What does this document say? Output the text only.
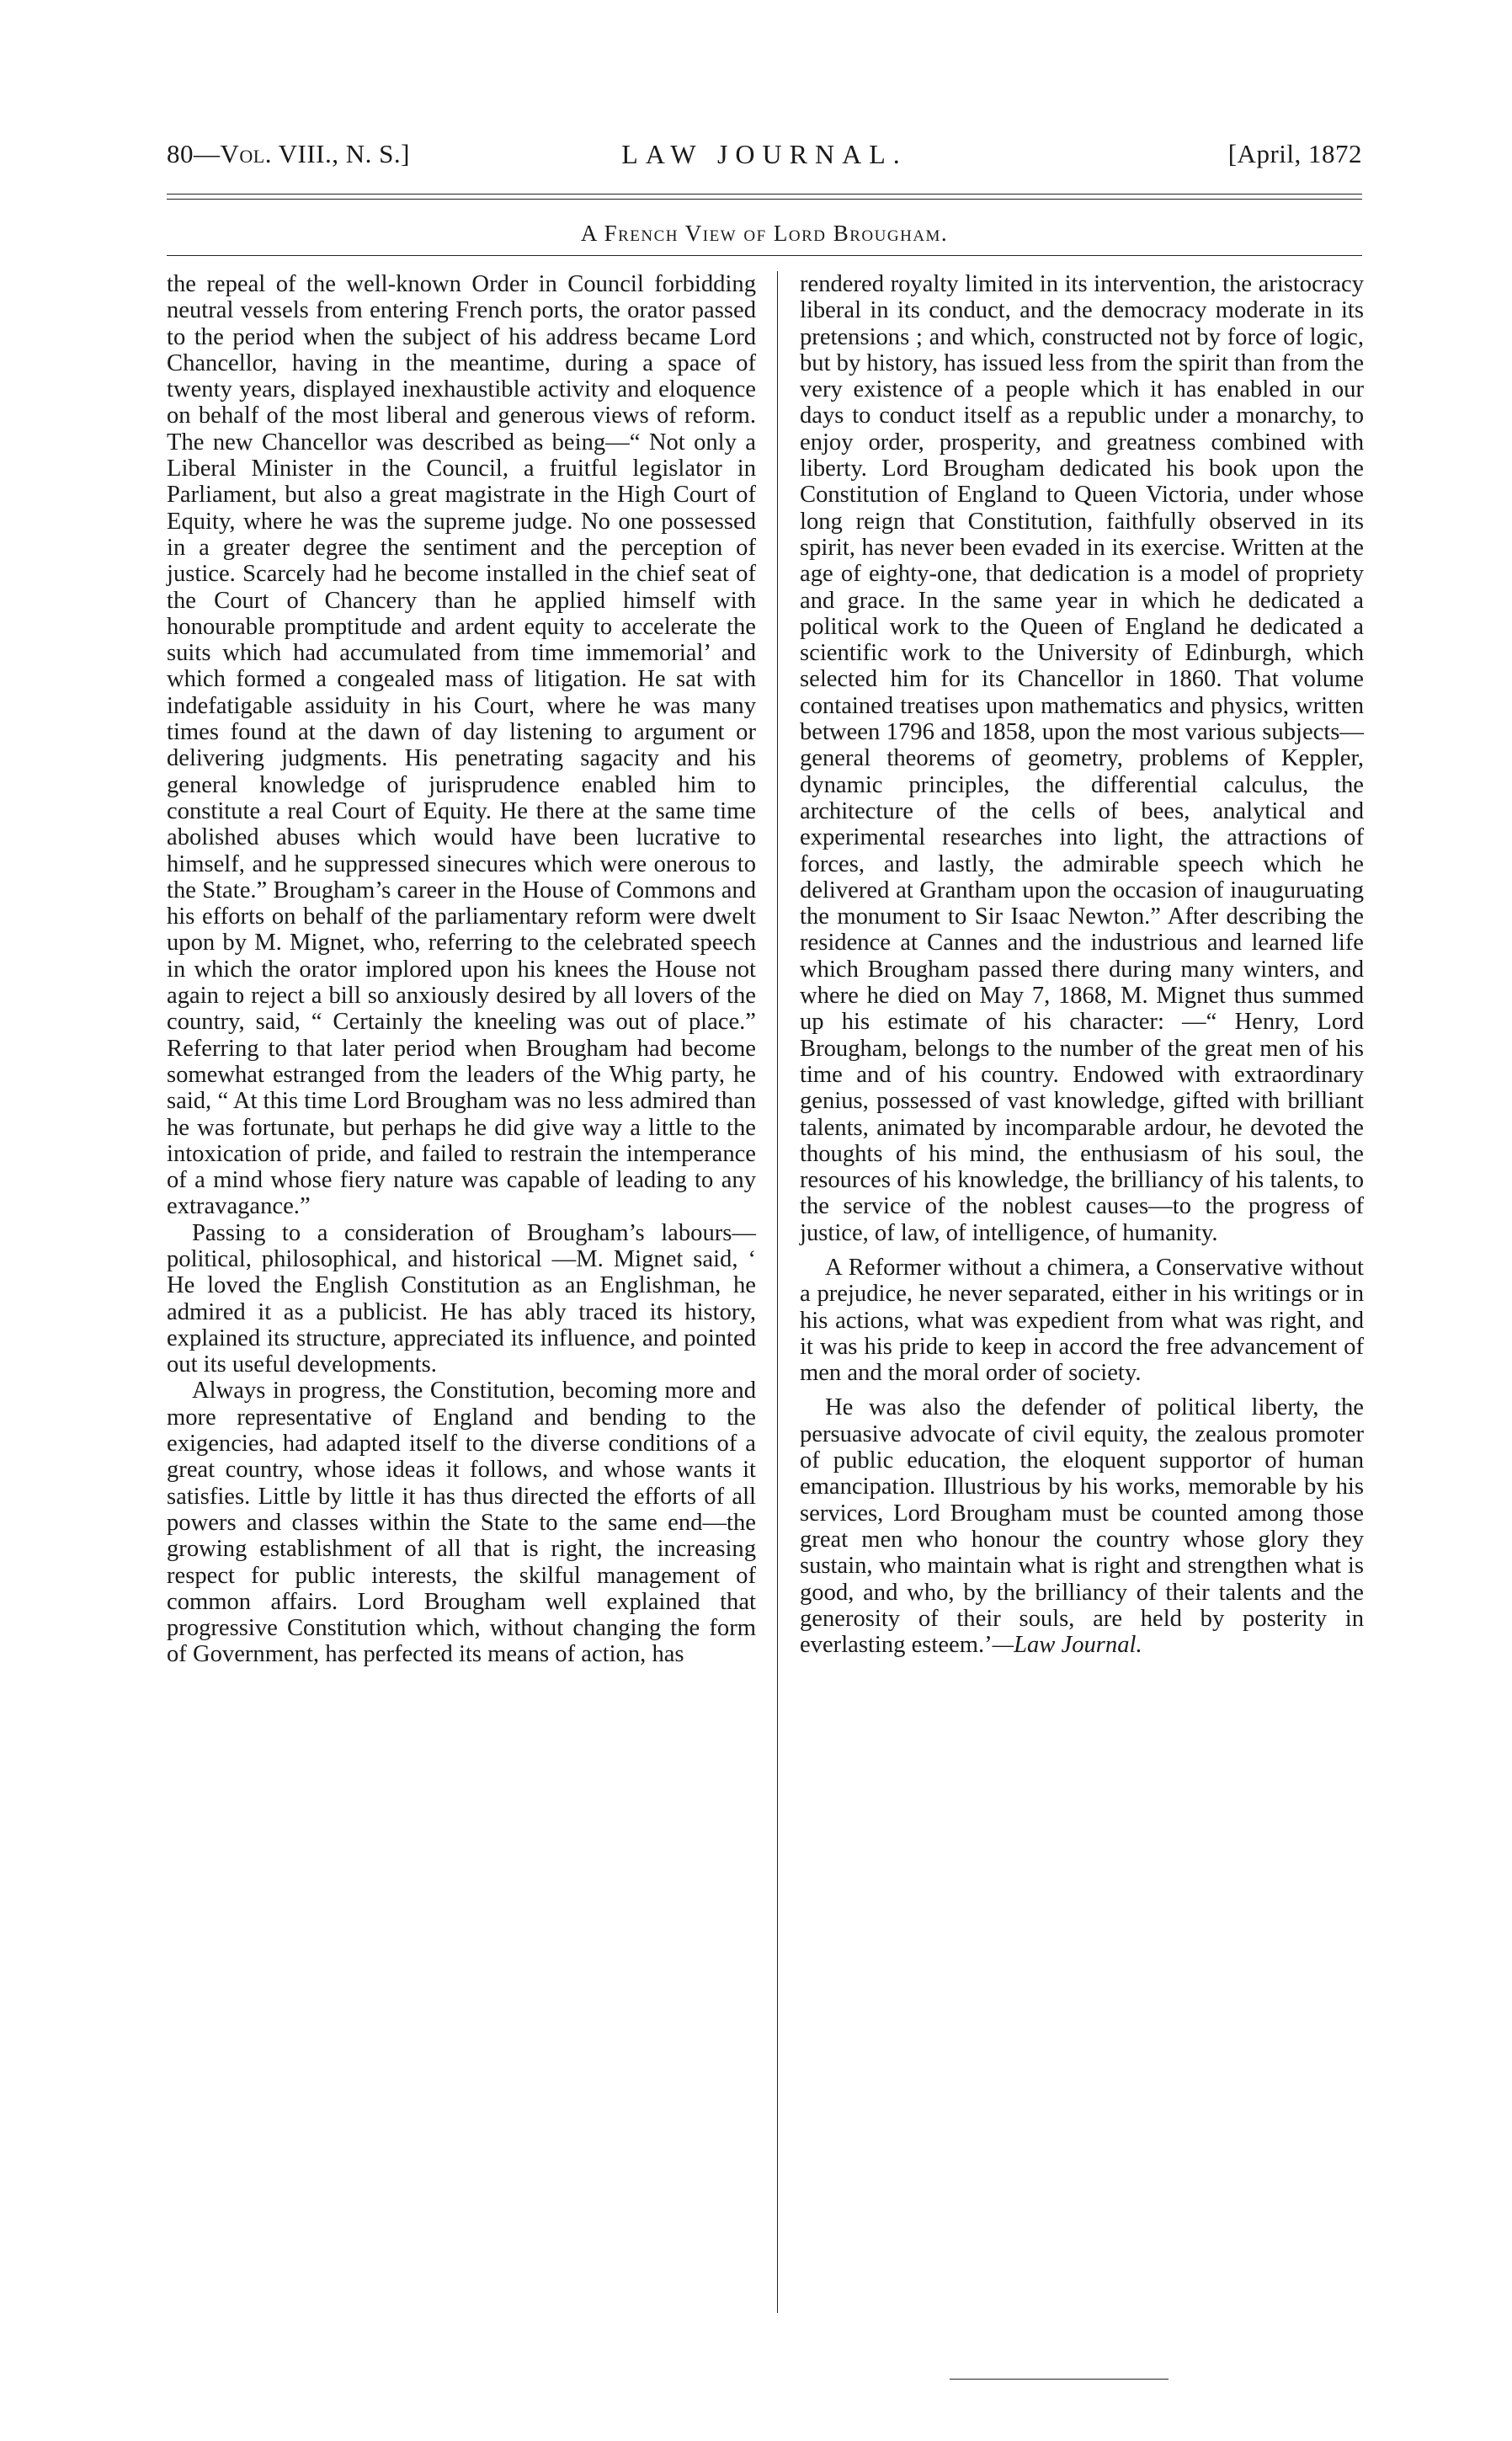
80—Vol. VIII., N. S.]	LAW JOURNAL.	[April, 1872
A French View of Lord Brougham.

the repeal of the well-known Order in Council forbidding neutral vessels from entering French ports, the orator passed to the period when the subject of his address became Lord Chancellor, having in the meantime, during a space of twenty years, displayed inexhaustible activity and eloquence on behalf of the most liberal and generous views of reform. The new Chancellor was described as being—“ Not only a Liberal Minister in the Council, a fruitful legislator in Parliament, but also a great magistrate in the High Court of Equity, where he was the supreme judge. No one possessed in a greater degree the sentiment and the perception of justice. Scarcely had he become installed in the chief seat of the Court of Chancery than he applied himself with honourable promptitude and ardent equity to accelerate the suits which had accumulated from time immemorial’ and which formed a congealed mass of litigation. He sat with indefatigable assiduity in his Court, where he was many times found at the dawn of day listening to argument or delivering judgments. His penetrating sagacity and his general knowledge of jurisprudence enabled him to constitute a real Court of Equity. He there at the same time abolished abuses which would have been lucrative to himself, and he suppressed sinecures which were onerous to the State.” Brougham’s career in the House of Commons and his efforts on behalf of the parliamentary reform were dwelt upon by M. Mignet, who, referring to the celebrated speech in which the orator implored upon his knees the House not again to reject a bill so anxiously desired by all lovers of the country, said, “ Certainly the kneeling was out of place.” Referring to that later period when Brougham had become somewhat estranged from the leaders of the Whig party, he said, “ At this time Lord Brougham was no less admired than he was fortunate, but perhaps he did give way a little to the intoxication of pride, and failed to restrain the intemperance of a mind whose fiery nature was capable of leading to any extravagance.”

Passing to a consideration of Brougham’s labours—political, philosophical, and historical —M. Mignet said, ‘ He loved the English Constitution as an Englishman, he admired it as a publicist. He has ably traced its history, explained its structure, appreciated its influence, and pointed out its useful developments.

Always in progress, the Constitution, becoming more and more representative of England and bending to the exigencies, had adapted itself to the diverse conditions of a great country, whose ideas it follows, and whose wants it satisfies. Little by little it has thus directed the efforts of all powers and classes within the State to the same end—the growing establishment of all that is right, the increasing respect for public interests, the skilful management of common affairs. Lord Brougham well explained that progressive Constitution which, without changing the form of Government, has perfected its means of action, has

rendered royalty limited in its intervention, the aristocracy liberal in its conduct, and the democracy moderate in its pretensions ; and which, constructed not by force of logic, but by history, has issued less from the spirit than from the very existence of a people which it has enabled in our days to conduct itself as a republic under a monarchy, to enjoy order, prosperity, and greatness combined with liberty. Lord Brougham dedicated his book upon the Constitution of England to Queen Victoria, under whose long reign that Constitution, faithfully observed in its spirit, has never been evaded in its exercise. Written at the age of eighty-one, that dedication is a model of propriety and grace. In the same year in which he dedicated a political work to the Queen of England he dedicated a scientific work to the University of Edinburgh, which selected him for its Chancellor in 1860. That volume contained treatises upon mathematics and physics, written between 1796 and 1858, upon the most various subjects—general theorems of geometry, problems of Keppler, dynamic principles, the differential calculus, the architecture of the cells of bees, analytical and experimental researches into light, the attractions of forces, and lastly, the admirable speech which he delivered at Grantham upon the occasion of inauguruating the monument to Sir Isaac Newton.” After describing the residence at Cannes and the industrious and learned life which Brougham passed there during many winters, and where he died on May 7, 1868, M. Mignet thus summed up his estimate of his character: —“ Henry, Lord Brougham, belongs to the number of the great men of his time and of his country. Endowed with extraordinary genius, possessed of vast knowledge, gifted with brilliant talents, animated by incomparable ardour, he devoted the thoughts of his mind, the enthusiasm of his soul, the resources of his knowledge, the brilliancy of his talents, to the service of the noblest causes—to the progress of justice, of law, of intelligence, of humanity.

A Reformer without a chimera, a Conservative without a prejudice, he never separated, either in his writings or in his actions, what was expedient from what was right, and it was his pride to keep in accord the free advancement of men and the moral order of society.

He was also the defender of political liberty, the persuasive advocate of civil equity, the zealous promoter of public education, the eloquent supportor of human emancipation. Illustrious by his works, memorable by his services, Lord Brougham must be counted among those great men who honour the country whose glory they sustain, who maintain what is right and strengthen what is good, and who, by the brilliancy of their talents and the generosity of their souls, are held by posterity in everlasting esteem.’—Law Journal.
